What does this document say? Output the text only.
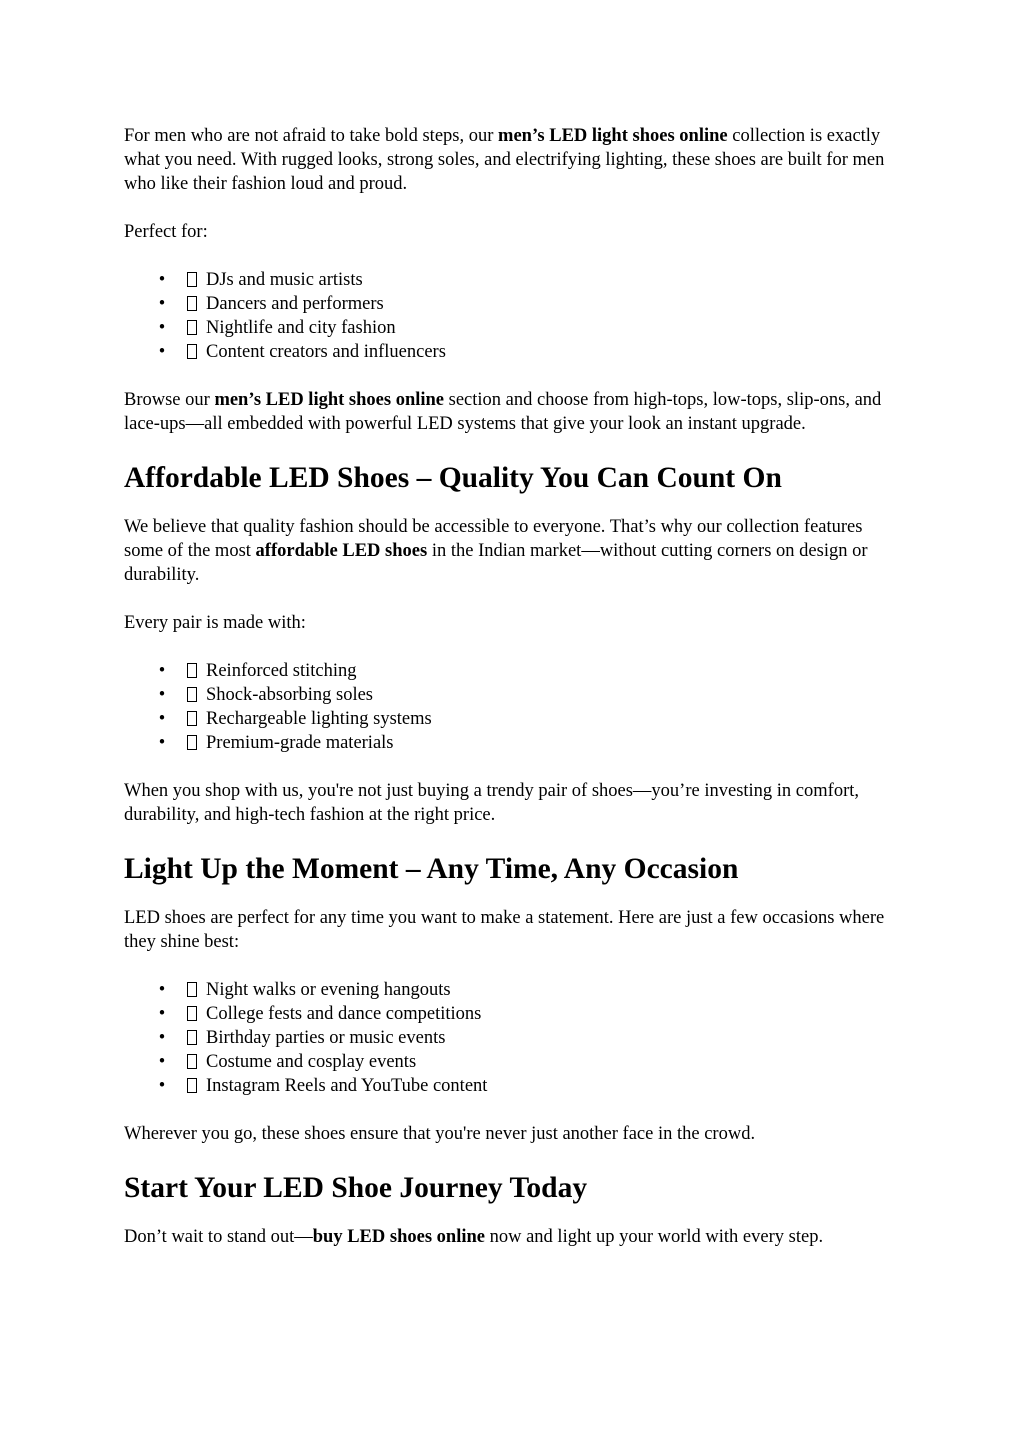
For men who are not afraid to take bold steps, our men’s LED light shoes online collection is exactly what you need. With rugged looks, strong soles, and electrifying lighting, these shoes are built for men who like their fashion loud and proud.

Perfect for:

• DJs and music artists
• Dancers and performers
• Nightlife and city fashion
• Content creators and influencers

Browse our men’s LED light shoes online section and choose from high-tops, low-tops, slip-ons, and lace-ups—all embedded with powerful LED systems that give your look an instant upgrade.

Affordable LED Shoes – Quality You Can Count On

We believe that quality fashion should be accessible to everyone. That’s why our collection features some of the most affordable LED shoes in the Indian market—without cutting corners on design or durability.

Every pair is made with:

• Reinforced stitching
• Shock-absorbing soles
• Rechargeable lighting systems
• Premium-grade materials

When you shop with us, you're not just buying a trendy pair of shoes—you’re investing in comfort, durability, and high-tech fashion at the right price.

Light Up the Moment – Any Time, Any Occasion

LED shoes are perfect for any time you want to make a statement. Here are just a few occasions where they shine best:

• Night walks or evening hangouts
• College fests and dance competitions
• Birthday parties or music events
• Costume and cosplay events
• Instagram Reels and YouTube content

Wherever you go, these shoes ensure that you're never just another face in the crowd.

Start Your LED Shoe Journey Today

Don’t wait to stand out—buy LED shoes online now and light up your world with every step.
